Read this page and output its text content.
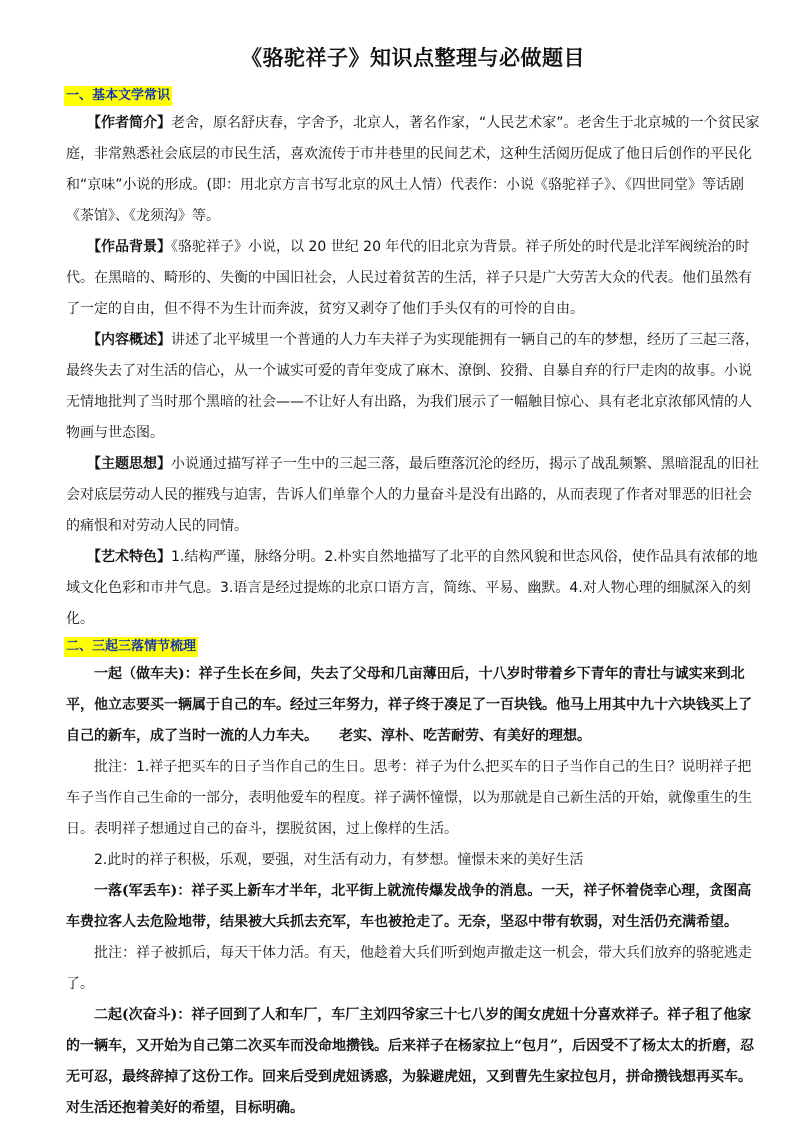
《骆驼祥子》知识点整理与必做题目
一、基本文学常识

　　【作者简介】老舍，原名舒庆春，字舍予，北京人，著名作家，“人民艺术家”。老舍生于北京城的一个贫民家庭，非常熟悉社会底层的市民生活，喜欢流传于市井巷里的民间艺术，这种生活阅历促成了他日后创作的平民化和“京味”小说的形成。(即：用北京方言书写北京的风土人情）代表作：小说《骆驼祥子》、《四世同堂》等话剧《茶馆》、《龙须沟》等。

　　【作品背景】《骆驼祥子》小说，以 20 世纪 20 年代的旧北京为背景。祥子所处的时代是北洋军阀统治的时代。在黑暗的、畸形的、失衡的中国旧社会，人民过着贫苦的生活，祥子只是广大劳苦大众的代表。他们虽然有了一定的自由，但不得不为生计而奔波，贫穷又剥夺了他们手头仅有的可怜的自由。

　　【内容概述】讲述了北平城里一个普通的人力车夫祥子为实现能拥有一辆自己的车的梦想，经历了三起三落，最终失去了对生活的信心，从一个诚实可爱的青年变成了麻木、潦倒、狡猾、自暴自弃的行尸走肉的故事。小说无情地批判了当时那个黑暗的社会——不让好人有出路，为我们展示了一幅触目惊心、具有老北京浓郁风情的人物画与世态图。

　　【主题思想】小说通过描写祥子一生中的三起三落，最后堕落沉沦的经历，揭示了战乱频繁、黑暗混乱的旧社会对底层劳动人民的摧残与迫害，告诉人们单靠个人的力量奋斗是没有出路的，从而表现了作者对罪恶的旧社会的痛恨和对劳动人民的同情。

　　【艺术特色】1.结构严谨，脉络分明。2.朴实自然地描写了北平的自然风貌和世态风俗，使作品具有浓郁的地域文化色彩和市井气息。3.语言是经过提炼的北京口语方言，简练、平易、幽默。4.对人物心理的细腻深入的刻化。

二、三起三落情节梳理

　　一起（做车夫)：祥子生长在乡间，失去了父母和几亩薄田后，十八岁时带着乡下青年的青壮与诚实来到北平，他立志要买一辆属于自己的车。经过三年努力，祥子终于凑足了一百块钱。他马上用其中九十六块钱买上了自己的新车，成了当时一流的人力车夫。　　 老实、淳朴、吃苦耐劳、有美好的理想。

　　批注：1.祥子把买车的日子当作自己的生日。思考：祥子为什么把买车的日子当作自己的生日？说明祥子把车子当作自己生命的一部分，表明他爱车的程度。祥子满怀憧憬，以为那就是自己新生活的开始，就像重生的生日。表明祥子想通过自己的奋斗，摆脱贫困，过上像样的生活。

　　2.此时的祥子积极，乐观，要强，对生活有动力，有梦想。憧憬未来的美好生活

　　一落(军丢车)：祥子买上新车才半年，北平街上就流传爆发战争的消息。一天，祥子怀着侥幸心理，贪图高车费拉客人去危险地带，结果被大兵抓去充军，车也被抢走了。无奈，坚忍中带有软弱，对生活仍充满希望。

　　批注：祥子被抓后，每天干体力活。有天，他趁着大兵们听到炮声撤走这一机会，带大兵们放弃的骆驼逃走了。

　　二起(次奋斗)：祥子回到了人和车厂，车厂主刘四爷家三十七八岁的闺女虎妞十分喜欢祥子。祥子租了他家的一辆车，又开始为自己第二次买车而没命地攒钱。后来祥子在杨家拉上“包月”，后因受不了杨太太的折磨，忍无可忍，最终辞掉了这份工作。回来后受到虎妞诱惑，为躲避虎妞，又到曹先生家拉包月，拼命攒钱想再买车。　　对生活还抱着美好的希望，目标明确。
